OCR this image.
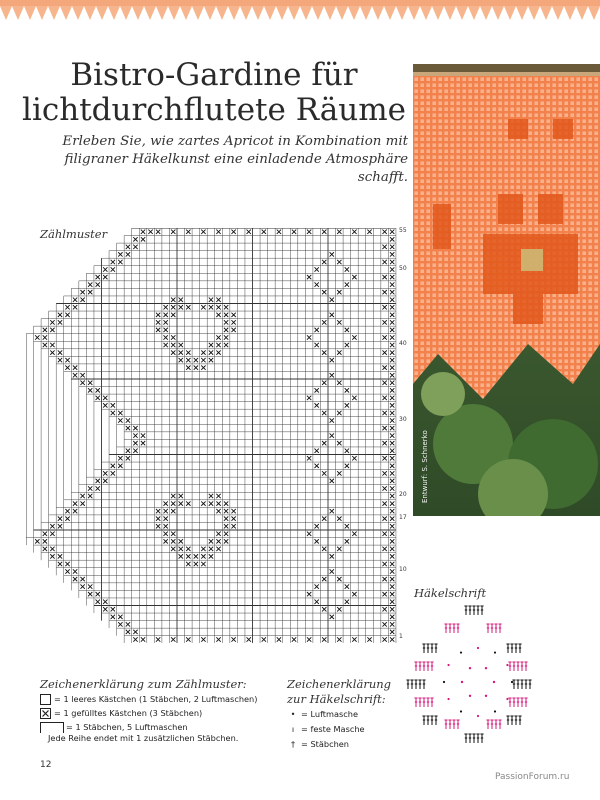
Bistro-Gardine für lichtdurchflutete Räume

Erleben Sie, wie zartes Apricot in Kombination mit filigraner Häkelkunst eine einladende Atmosphäre schafft.

Entwurf: S. Schnerko
Zählmuster	55
50
40
30
20
17
10
1
Zeichenerklärung zum Zählmuster:
= 1 leeres Kästchen (1 Stäbchen, 2 Luftmaschen)
= 1 gefülltes Kästchen (3 Stäbchen)
= 1 Stäbchen, 5 Luftmaschen
Jede Reihe endet mit 1 zusätzlichen Stäbchen.
Zeichenerklärung zur Häkelschrift:
• = Luftmasche
ı = feste Masche
† = Stäbchen
Häkelschrift
12
PassionForum.ru
